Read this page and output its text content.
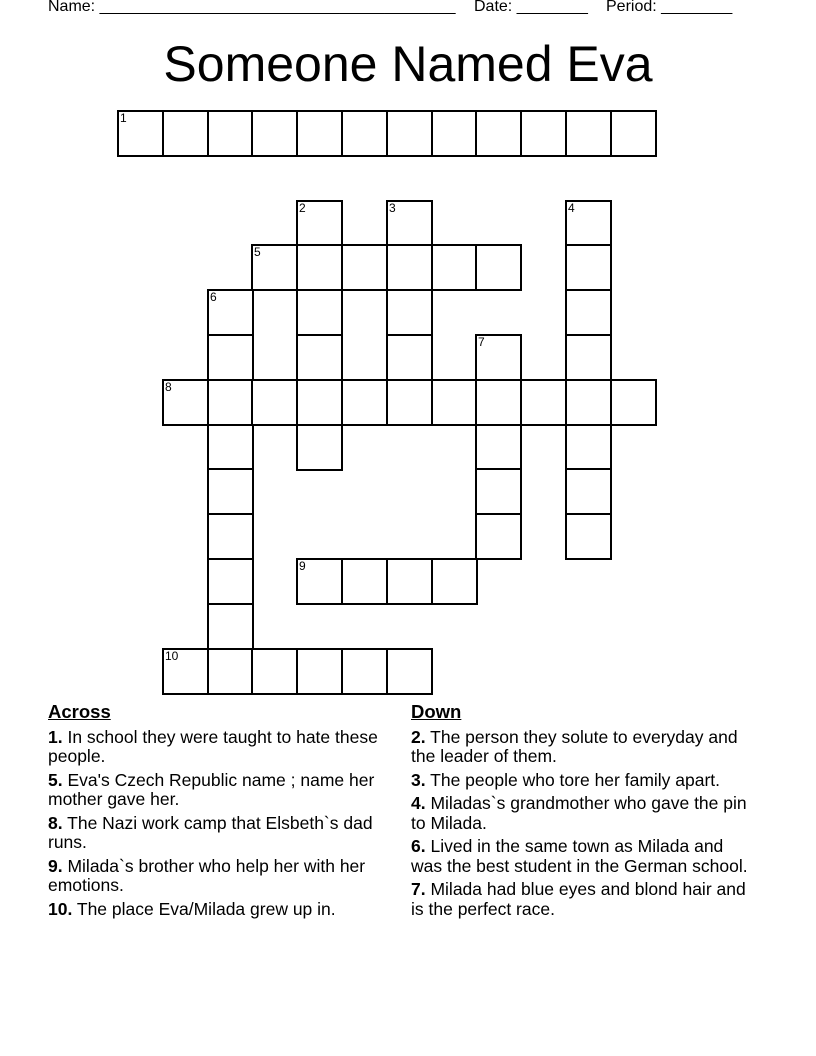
Name: ________________________________________

Date: ________

Period: ________

Someone Named Eva
1
2	3	4
5
6
7
8
9
10
Across
1. In school they were taught to hate these people.
5. Eva's Czech Republic name ; name her mother gave her.
8. The Nazi work camp that Elsbeth`s dad runs.
9. Milada`s brother who help her with her emotions.
10. The place Eva/Milada grew up in.
Down
2. The person they solute to everyday and the leader of them.
3. The people who tore her family apart.
4. Miladas`s grandmother who gave the pin to Milada.
6. Lived in the same town as Milada and was the best student in the German school.
7. Milada had blue eyes and blond hair and is the perfect race.
